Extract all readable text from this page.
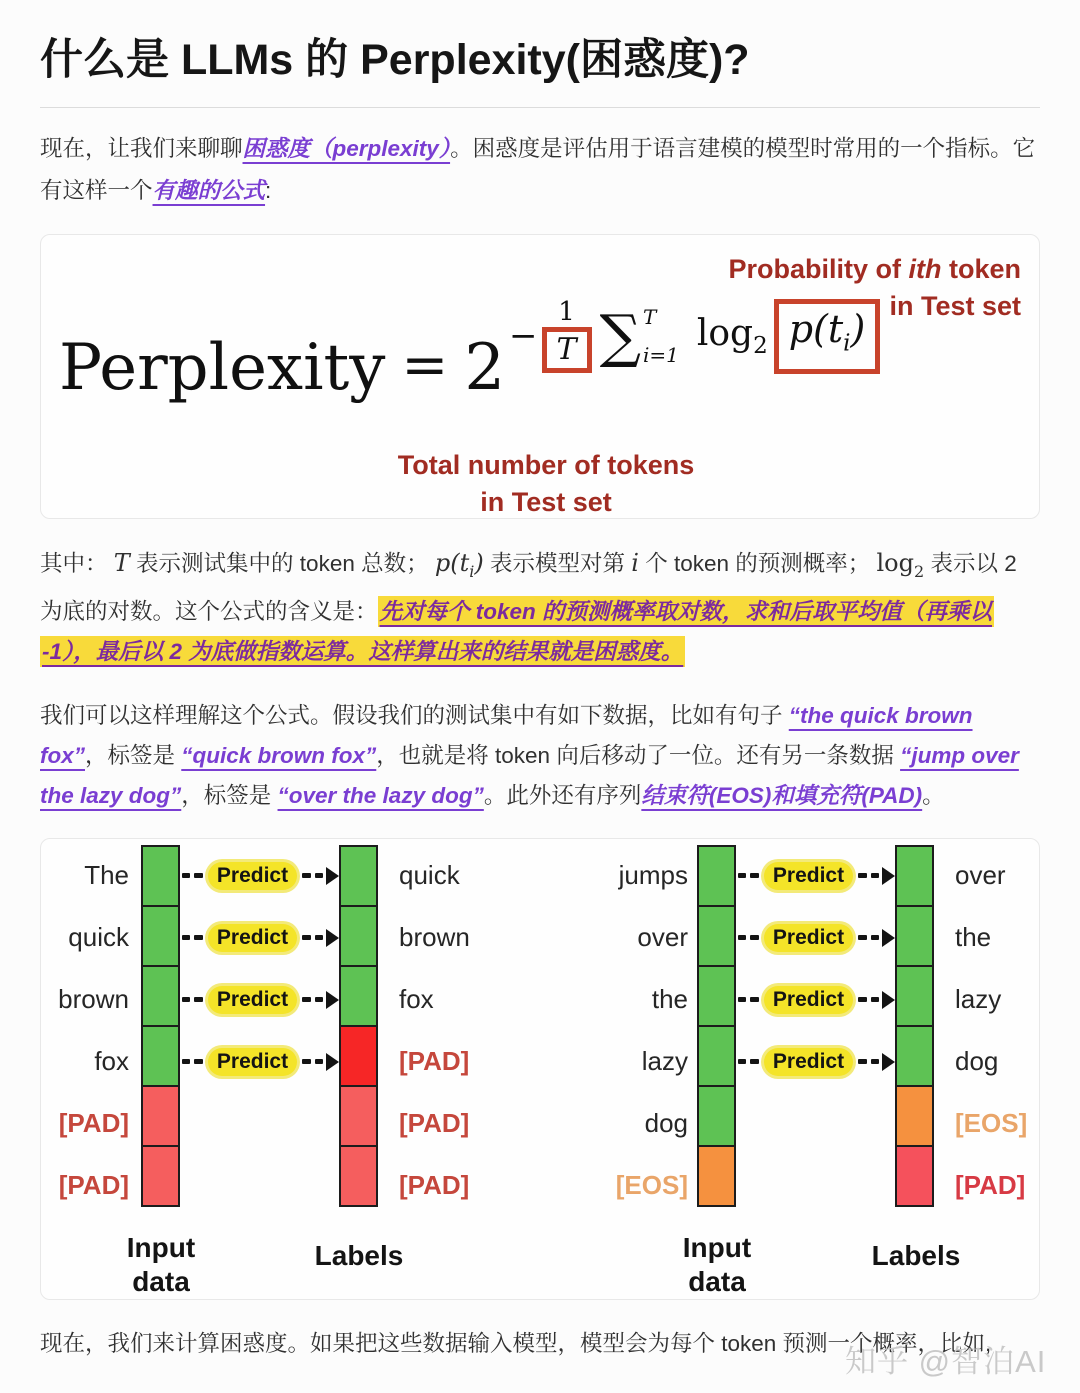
什么是 LLMs 的 Perplexity(困惑度)?

现在，让我们来聊聊困惑度（perplexity）。困惑度是评估用于语言建模的模型时常用的一个指标。它有这样一个有趣的公式:

Probability of ith token
in Test set
Perplexity = $2 - \frac{1}{T}$ ∑ T
i=1
$\log_2 p(t_i)$
Total number of tokens
in Test set

其中： T 表示测试集中的 token 总数； $p(t_i)$ 表示模型对第 i 个 token 的预测概率； $\log_2$ 表示以 2 为底的对数。这个公式的含义是：先对每个 token 的预测概率取对数，求和后取平均值（再乘以 -1），最后以 2 为底做指数运算。这样算出来的结果就是困惑度。

我们可以这样理解这个公式。假设我们的测试集中有如下数据，比如有句子 “the quick brown fox”，标签是 “quick brown fox”，也就是将 token 向后移动了一位。还有另一条数据 “jump over the lazy dog”，标签是 “over the lazy dog”。此外还有序列结束符(EOS)和填充符(PAD)。

The
quick
brown
fox
[PAD]
[PAD]
Predict
Predict
Predict
Predict
quick
brown
fox
[PAD]
[PAD]
[PAD]
jumps
over
the
lazy
dog
[EOS]
Predict
Predict
Predict
Predict
over
the
lazy
dog
[EOS]
[PAD]
Input
data
Labels	Input
data
Labels

现在，我们来计算困惑度。如果把这些数据输入模型，模型会为每个 token 预测一个概率，比如,

知乎 @智泊AI
